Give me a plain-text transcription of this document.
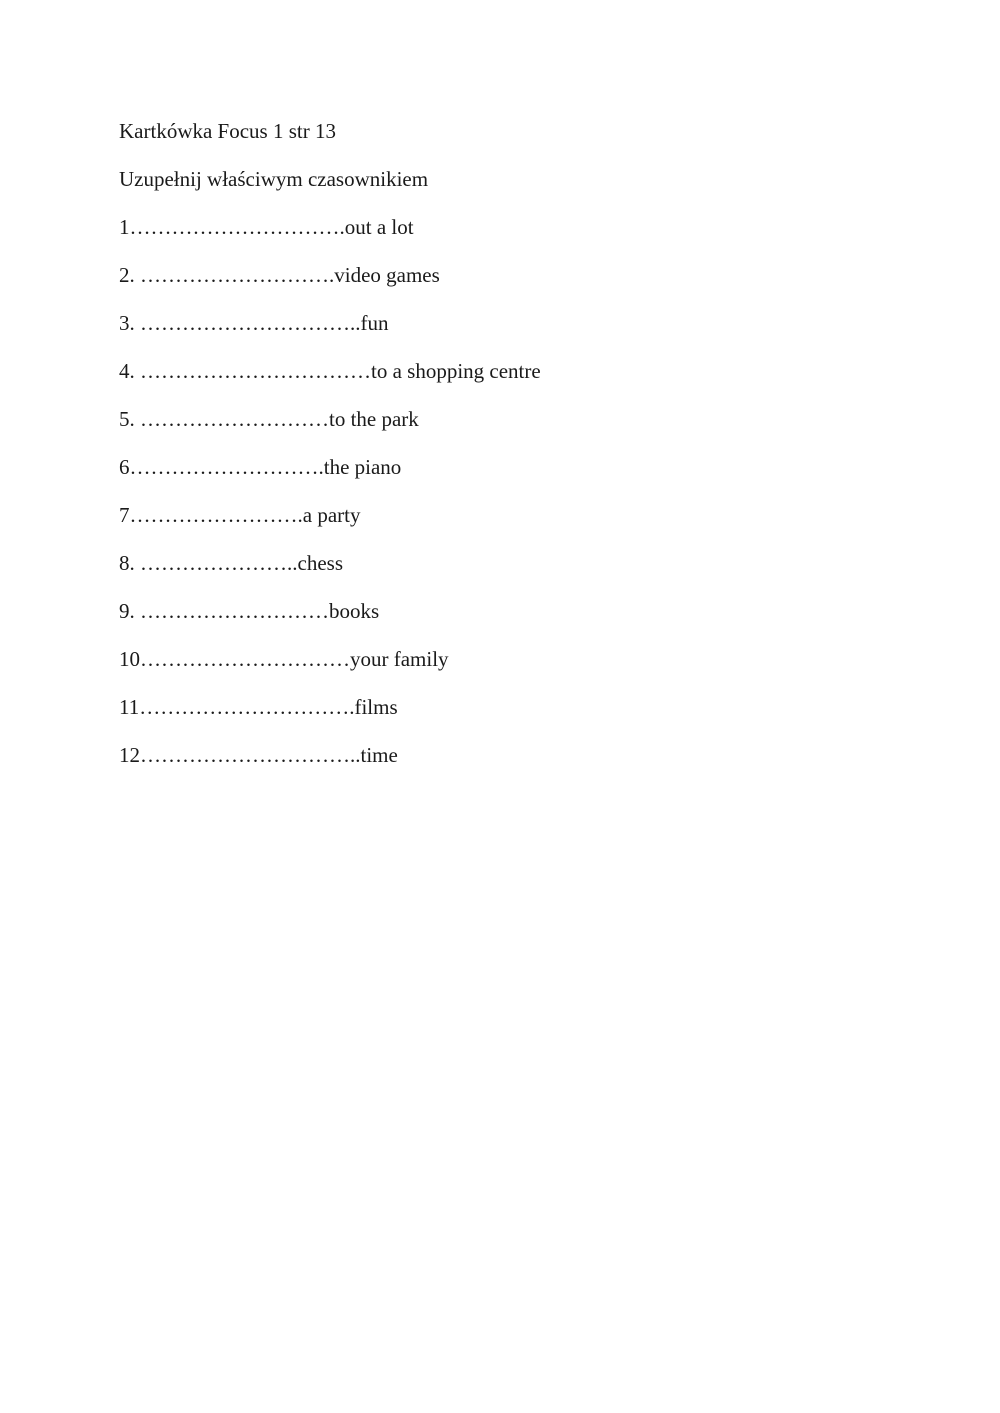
Kartkówka Focus 1 str 13
Uzupełnij właściwym czasownikiem
1………………………….out a lot
2. ……………………….video games
3. …………………………..fun
4. ……………………………to a shopping centre
5. ………………………to the park
6……………………….the piano
7…………………….a party
8. …………………..chess
9. ………………………books
10…………………………your family
11………………………….films
12…………………………..time
